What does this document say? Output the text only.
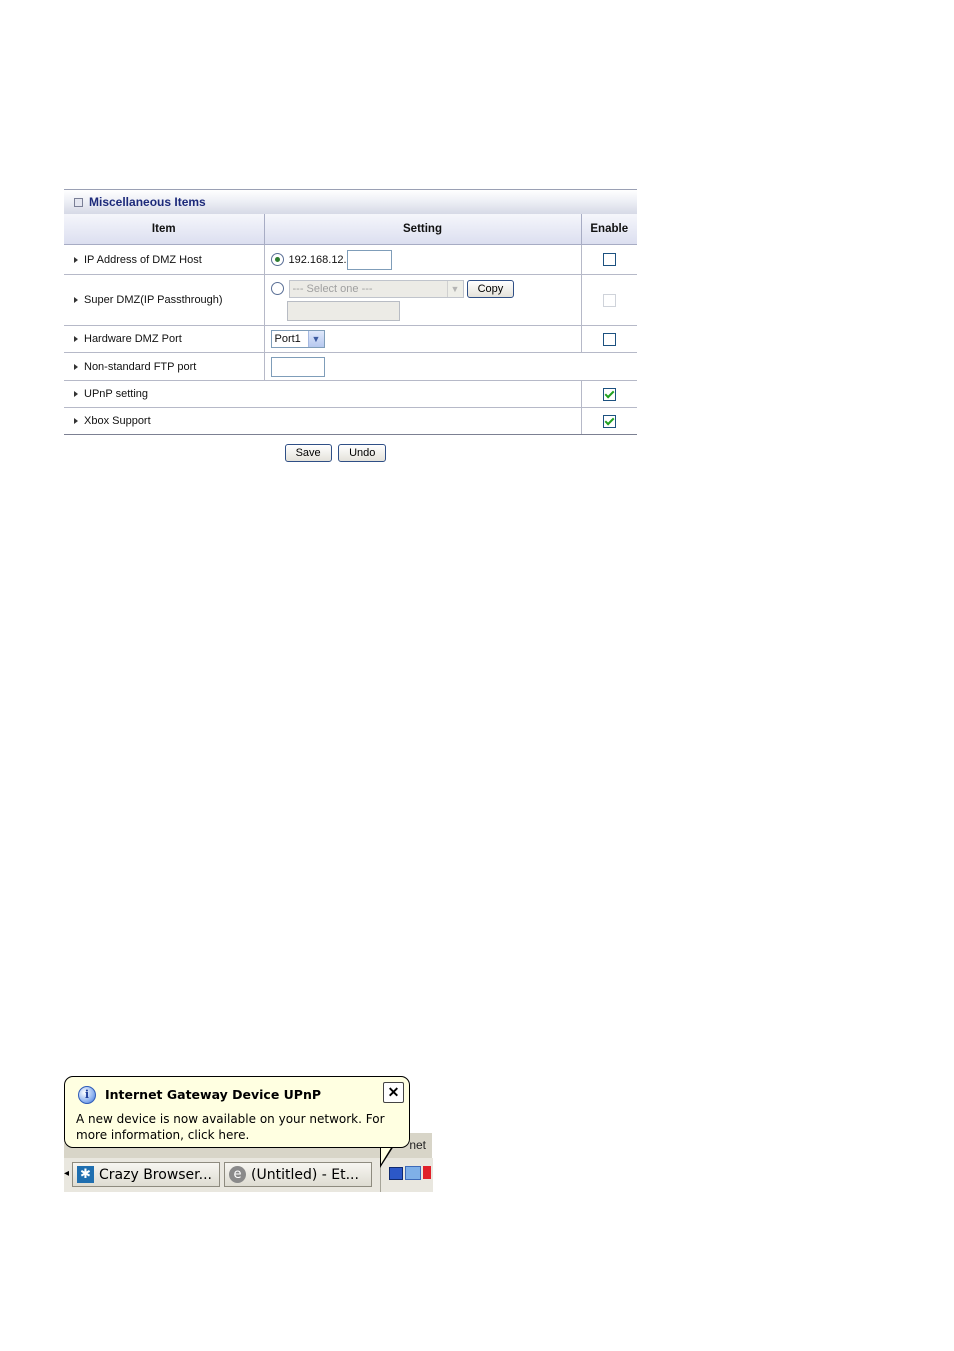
Miscellaneous Items
Item	Setting	Enable
IP Address of DMZ Host	192.168.12.	
Super DMZ(IP Passthrough)	--- Select one --- ▼ Copy	

Hardware DMZ Port	Port1 ▼	

Non-standard FTP port	
UPnP setting		
Xbox Support		
Save	Undo
net
◂ ✱ Crazy Browser...	e (Untitled) - Et...
i	Internet Gateway Device UPnP	✕
A new device is now available on your network. For more information, click here.
